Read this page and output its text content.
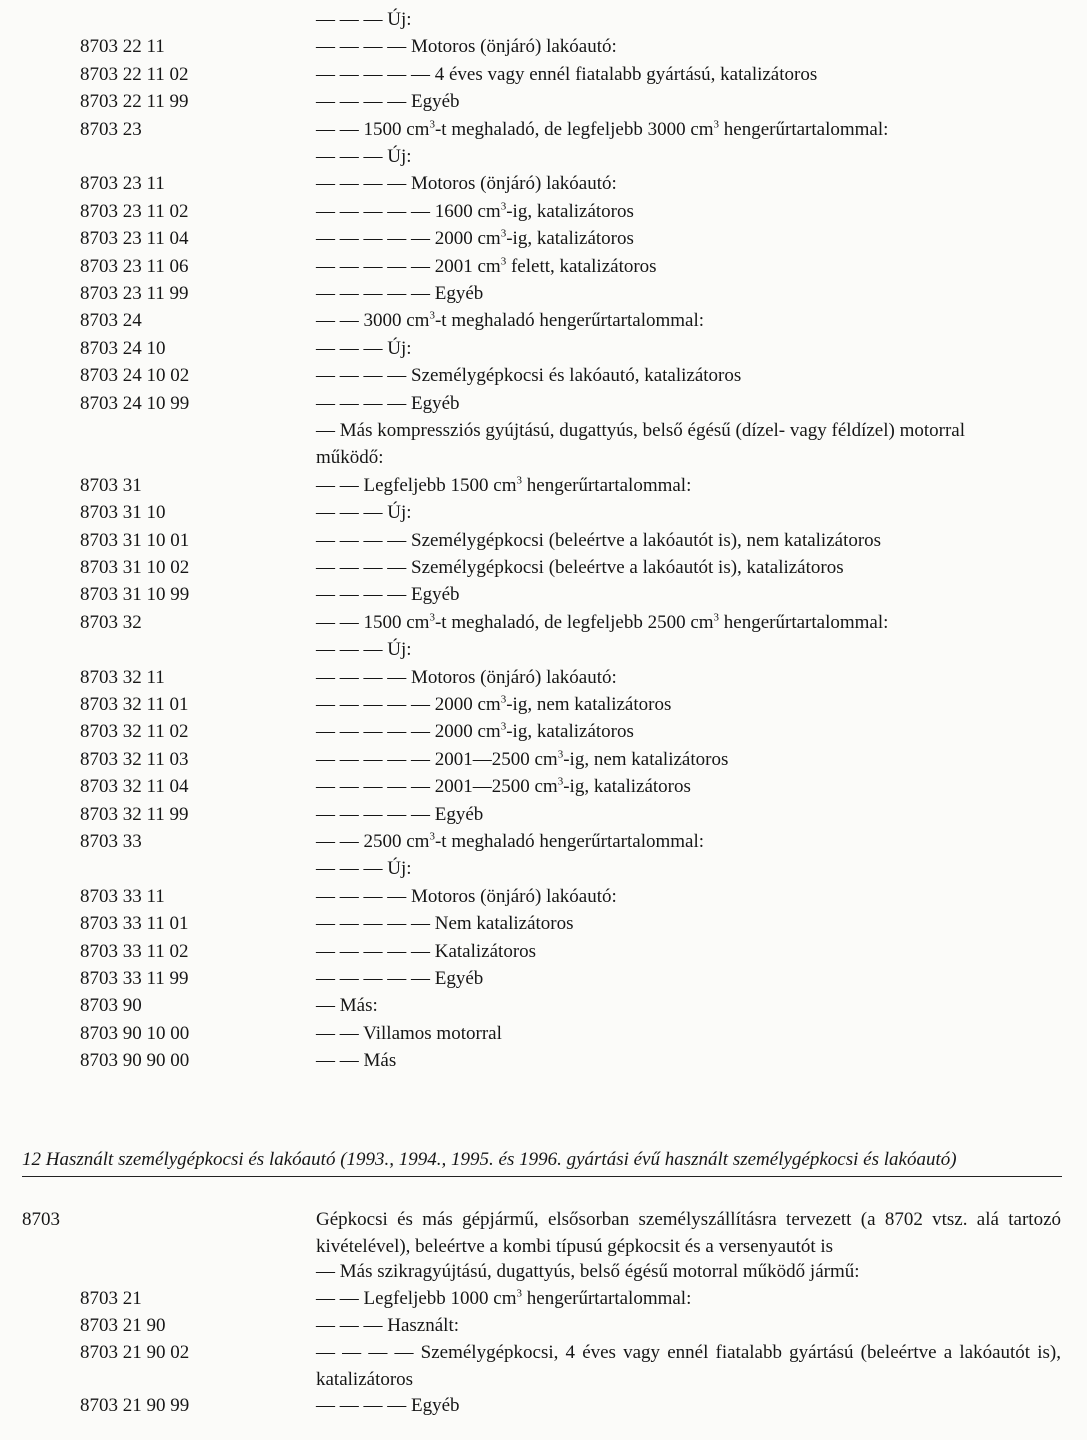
— — — Új:
8703 22 11	— — — — Motoros (önjáró) lakóautó:
8703 22 11 02	— — — — — 4 éves vagy ennél fiatalabb gyártású, katalizátoros
8703 22 11 99	— — — — Egyéb
8703 23	— — 1500 $cm^3-t$ meghaladó, de legfeljebb 3000 $cm^3$ hengerűrtartalommal:
— — — Új:
8703 23 11	— — — — Motoros (önjáró) lakóautó:
8703 23 11 02	— — — — — 1600 $cm^3-ig$, katalizátoros
8703 23 11 04	— — — — — 2000 $cm^3-ig$, katalizátoros
8703 23 11 06	— — — — — 2001 $cm^3$ felett, katalizátoros
8703 23 11 99	— — — — — Egyéb
8703 24	— — 3000 $cm^3-t$ meghaladó hengerűrtartalommal:
8703 24 10	— — — Új:
8703 24 10 02	— — — — Személygépkocsi és lakóautó, katalizátoros
8703 24 10 99	— — — — Egyéb
— Más kompressziós gyújtású, dugattyús, belső égésű (dízel- vagy féldízel) motorral
működő:
8703 31	— — Legfeljebb 1500 $cm^3$ hengerűrtartalommal:
8703 31 10	— — — Új:
8703 31 10 01	— — — — Személygépkocsi (beleértve a lakóautót is), nem katalizátoros
8703 31 10 02	— — — — Személygépkocsi (beleértve a lakóautót is), katalizátoros
8703 31 10 99	— — — — Egyéb
8703 32	— — 1500 $cm^3-t$ meghaladó, de legfeljebb 2500 $cm^3$ hengerűrtartalommal:
— — — Új:
8703 32 11	— — — — Motoros (önjáró) lakóautó:
8703 32 11 01	— — — — — 2000 $cm^3-ig$, nem katalizátoros
8703 32 11 02	— — — — — 2000 $cm^3-ig$, katalizátoros
8703 32 11 03	— — — — — 2001—2500 $cm^3-ig$, nem katalizátoros
8703 32 11 04	— — — — — 2001—2500 $cm^3-ig$, katalizátoros
8703 32 11 99	— — — — — Egyéb
8703 33	— — 2500 $cm^3-t$ meghaladó hengerűrtartalommal:
— — — Új:
8703 33 11	— — — — Motoros (önjáró) lakóautó:
8703 33 11 01	— — — — — Nem katalizátoros
8703 33 11 02	— — — — — Katalizátoros
8703 33 11 99	— — — — — Egyéb
8703 90	— Más:
8703 90 10 00	— — Villamos motorral
8703 90 90 00	— — Más
12 Használt személygépkocsi és lakóautó (1993., 1994., 1995. és 1996. gyártási évű használt személygépkocsi és lakóautó)
8703	Gépkocsi és más gépjármű, elsősorban személyszállításra tervezett (a 8702 vtsz. alá tartozó kivételével), beleértve a kombi típusú gépkocsit és a versenyautót is
— Más szikragyújtású, dugattyús, belső égésű motorral működő jármű:
8703 21	— — Legfeljebb 1000 $cm^3$ hengerűrtartalommal:
8703 21 90	— — — Használt:
8703 21 90 02	— — — — Személygépkocsi, 4 éves vagy ennél fiatalabb gyártású (beleértve a lakóautót is), katalizátoros
8703 21 90 99	— — — — Egyéb
